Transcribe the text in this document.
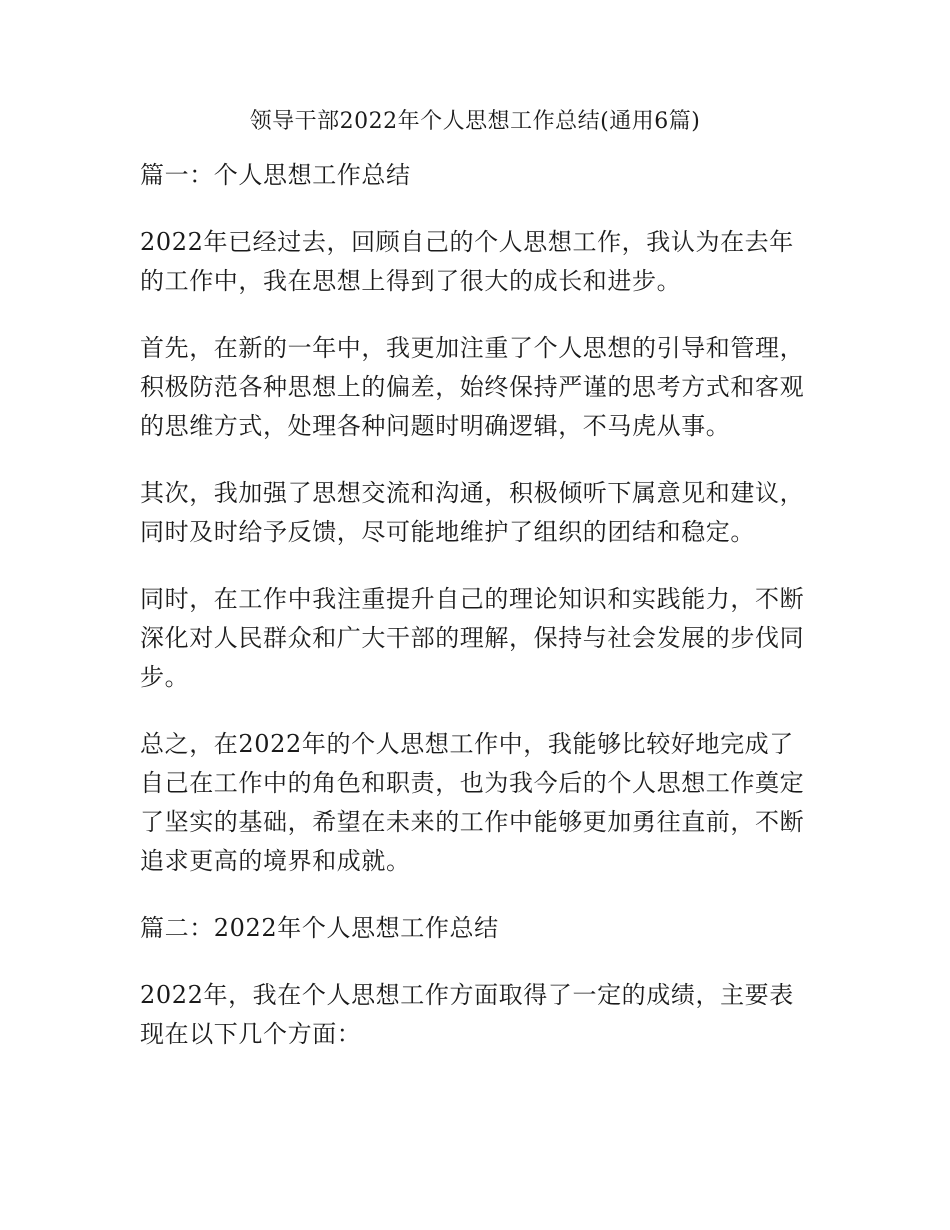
领导干部2022年个人思想工作总结(通用6篇)
篇一：个人思想工作总结

2022年已经过去，回顾自己的个人思想工作，我认为在去年的工作中，我在思想上得到了很大的成长和进步。

首先，在新的一年中，我更加注重了个人思想的引导和管理，积极防范各种思想上的偏差，始终保持严谨的思考方式和客观的思维方式，处理各种问题时明确逻辑，不马虎从事。

其次，我加强了思想交流和沟通，积极倾听下属意见和建议，同时及时给予反馈，尽可能地维护了组织的团结和稳定。

同时，在工作中我注重提升自己的理论知识和实践能力，不断深化对人民群众和广大干部的理解，保持与社会发展的步伐同步。

总之，在2022年的个人思想工作中，我能够比较好地完成了自己在工作中的角色和职责，也为我今后的个人思想工作奠定了坚实的基础，希望在未来的工作中能够更加勇往直前，不断追求更高的境界和成就。

篇二：2022年个人思想工作总结

2022年，我在个人思想工作方面取得了一定的成绩，主要表现在以下几个方面：
